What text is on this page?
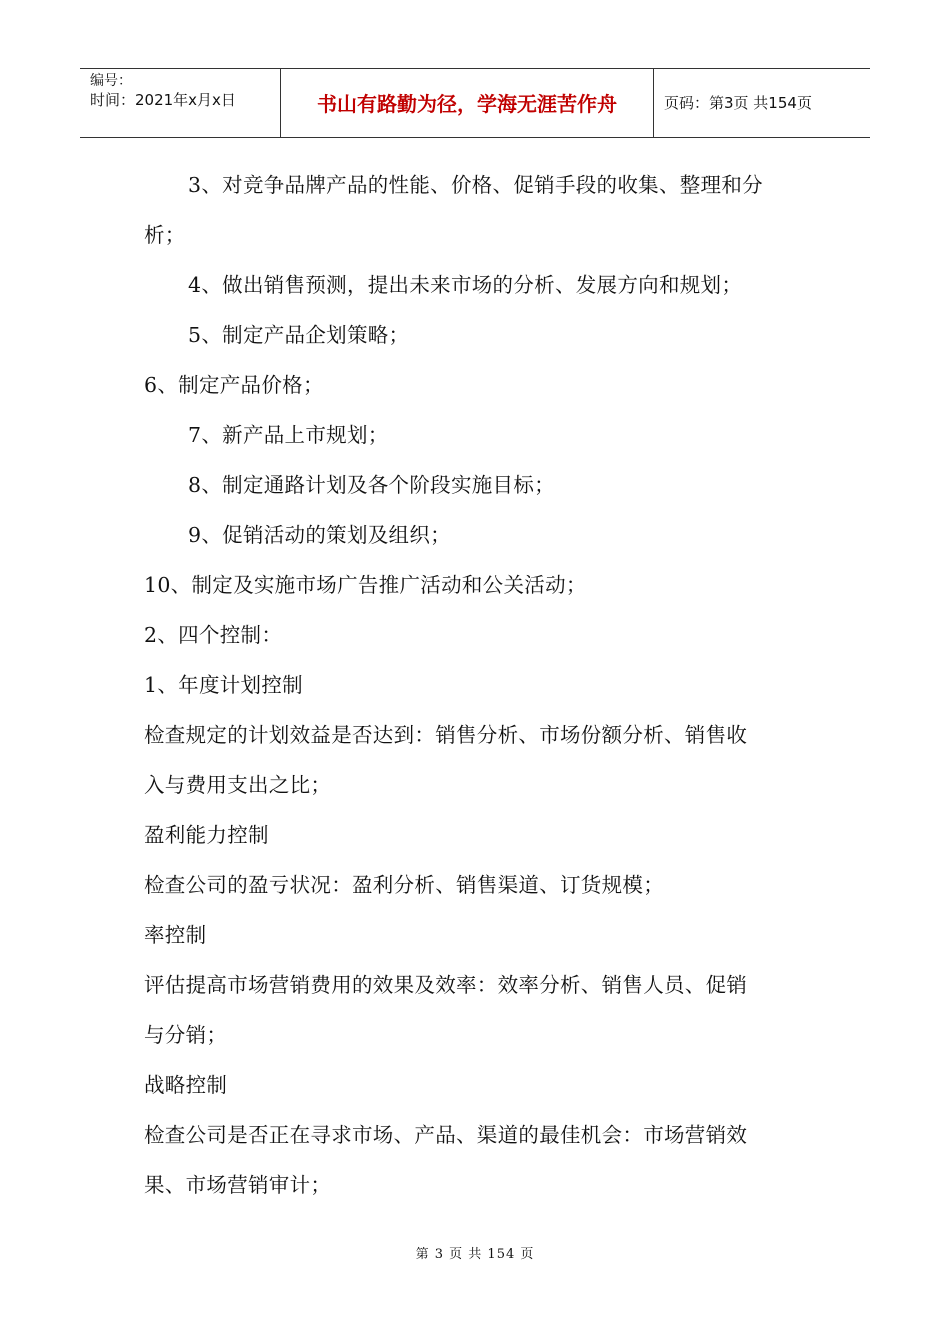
编号：
时间：2021年x月x日	书山有路勤为径，学海无涯苦作舟	页码：第3页 共154页
3、对竞争品牌产品的性能、价格、促销手段的收集、整理和分
析；
4、做出销售预测，提出未来市场的分析、发展方向和规划；
5、制定产品企划策略；
6、制定产品价格；
7、新产品上市规划；
8、制定通路计划及各个阶段实施目标；
9、促销活动的策划及组织；
10、制定及实施市场广告推广活动和公关活动；
2、四个控制：
1、年度计划控制
检查规定的计划效益是否达到：销售分析、市场份额分析、销售收
入与费用支出之比；
盈利能力控制
检查公司的盈亏状况：盈利分析、销售渠道、订货规模；
率控制
评估提高市场营销费用的效果及效率：效率分析、销售人员、促销
与分销；
战略控制
检查公司是否正在寻求市场、产品、渠道的最佳机会：市场营销效
果、市场营销审计；
第 3 页 共 154 页
